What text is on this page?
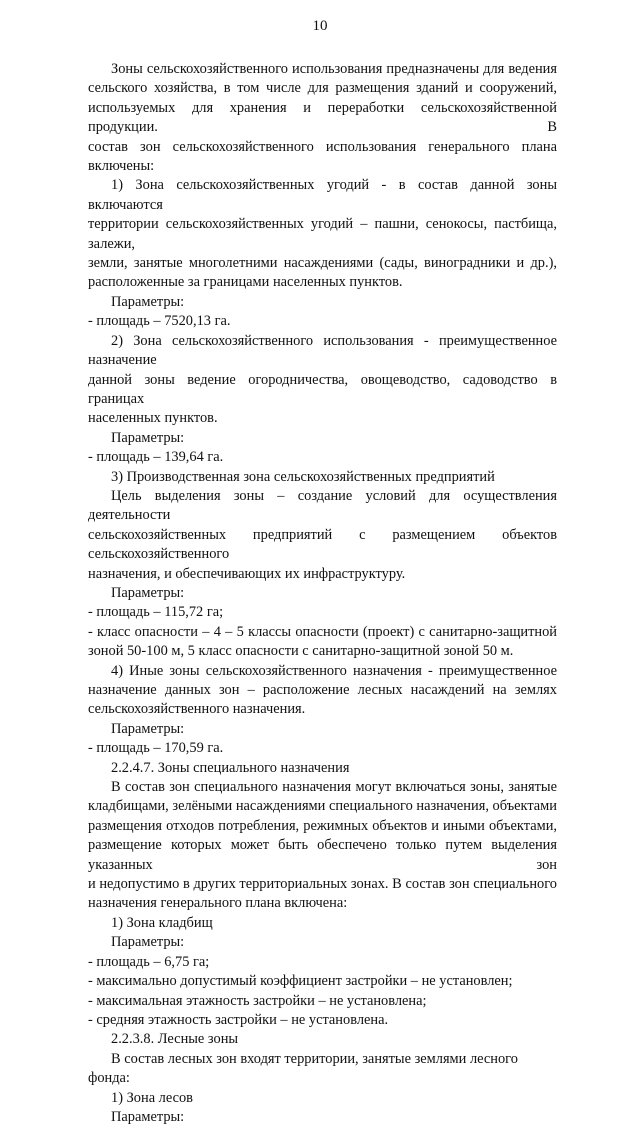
10

Зоны сельскохозяйственного использования предназначены для ведения

сельского хозяйства, в том числе для размещения зданий и сооружений,

используемых для хранения и переработки сельскохозяйственной продукции. В

состав зон сельскохозяйственного использования генерального плана включены:

1) Зона сельскохозяйственных угодий - в состав данной зоны включаются

территории сельскохозяйственных угодий – пашни, сенокосы, пастбища, залежи,

земли, занятые многолетними насаждениями (сады, виноградники и др.),

расположенные за границами населенных пунктов.

Параметры:

- площадь – 7520,13 га.

2) Зона сельскохозяйственного использования - преимущественное назначение

данной зоны ведение огородничества, овощеводство, садоводство в границах

населенных пунктов.

Параметры:

- площадь – 139,64 га.

3) Производственная зона сельскохозяйственных предприятий

Цель выделения зоны – создание условий для осуществления деятельности

сельскохозяйственных предприятий с размещением объектов сельскохозяйственного

назначения, и обеспечивающих их инфраструктуру.

Параметры:

- площадь – 115,72 га;

- класс опасности – 4 – 5 классы опасности (проект) с санитарно-защитной

зоной 50-100 м, 5 класс опасности с санитарно-защитной зоной 50 м.

4) Иные зоны сельскохозяйственного назначения - преимущественное

назначение данных зон – расположение лесных насаждений на землях

сельскохозяйственного назначения.

Параметры:

- площадь – 170,59 га.

2.2.4.7. Зоны специального назначения

В состав зон специального назначения могут включаться зоны, занятые

кладбищами, зелёными насаждениями специального назначения, объектами

размещения отходов потребления, режимных объектов и иными объектами,

размещение которых может быть обеспечено только путем выделения указанных зон

и недопустимо в других территориальных зонах. В состав зон специального

назначения генерального плана включена:

1) Зона кладбищ

Параметры:

- площадь – 6,75 га;

- максимально допустимый коэффициент застройки – не установлен;

- максимальная этажность застройки – не установлена;

- средняя этажность застройки – не установлена.

2.2.3.8. Лесные зоны

В состав лесных зон входят территории, занятые землями лесного фонда:

1) Зона лесов

Параметры:
